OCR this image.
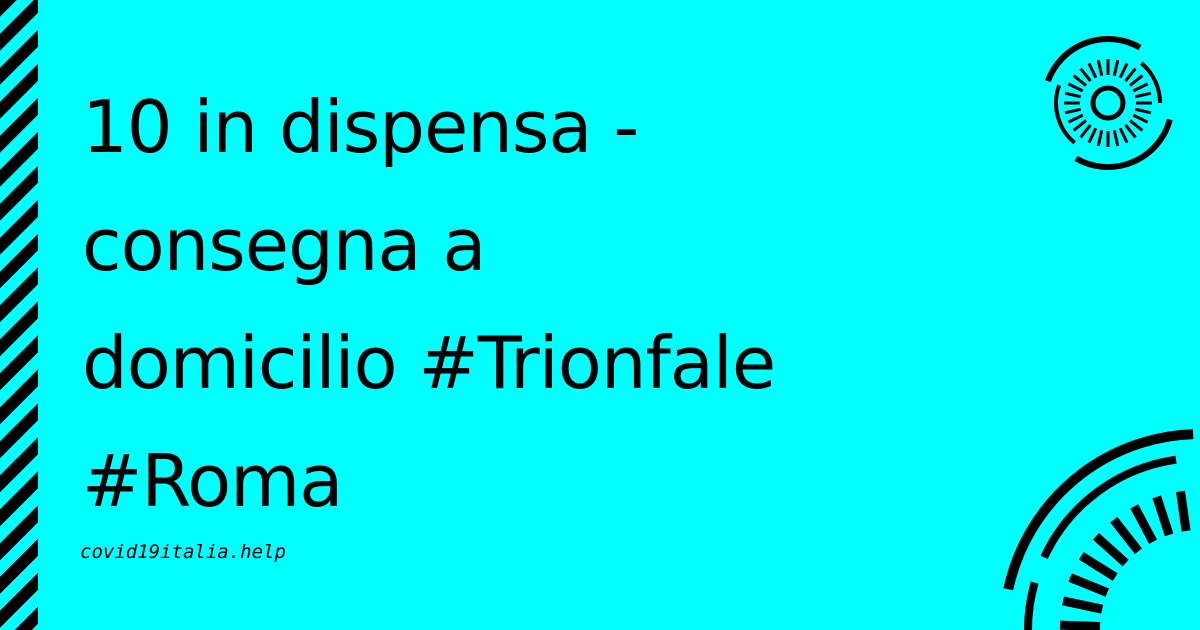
10 in dispensa -
consegna a
domicilio #Trionfale
#Roma
covid19italia.help
